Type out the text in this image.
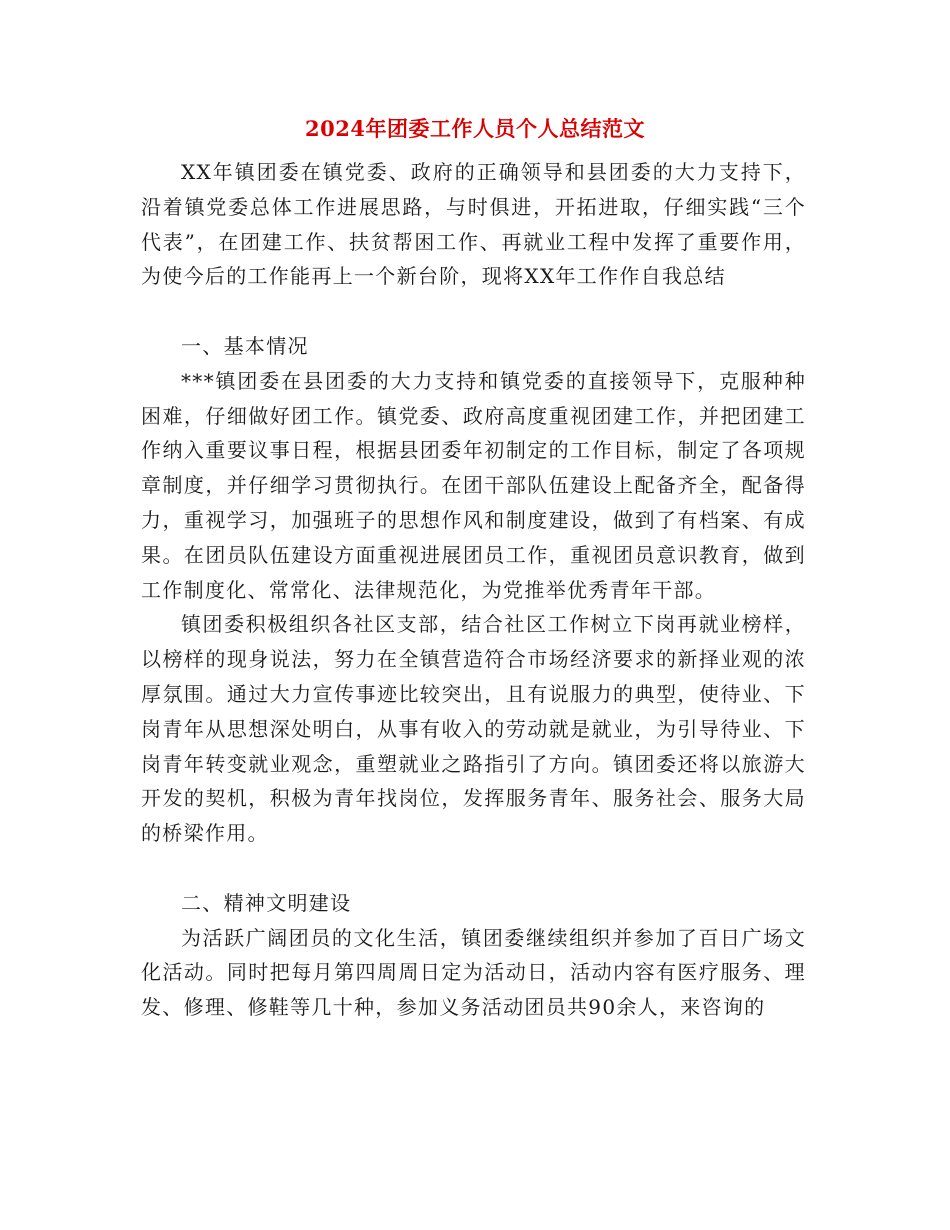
2024年团委工作人员个人总结范文

XX年镇团委在镇党委、政府的正确领导和县团委的大力支持下，沿着镇党委总体工作进展思路，与时俱进，开拓进取，仔细实践“三个代表”，在团建工作、扶贫帮困工作、再就业工程中发挥了重要作用，为使今后的工作能再上一个新台阶，现将XX年工作作自我总结

一、基本情况

***镇团委在县团委的大力支持和镇党委的直接领导下，克服种种困难，仔细做好团工作。镇党委、政府高度重视团建工作，并把团建工作纳入重要议事日程，根据县团委年初制定的工作目标，制定了各项规章制度，并仔细学习贯彻执行。在团干部队伍建设上配备齐全，配备得力，重视学习，加强班子的思想作风和制度建设，做到了有档案、有成果。在团员队伍建设方面重视进展团员工作，重视团员意识教育，做到工作制度化、常常化、法律规范化，为党推举优秀青年干部。

镇团委积极组织各社区支部，结合社区工作树立下岗再就业榜样，以榜样的现身说法，努力在全镇营造符合市场经济要求的新择业观的浓厚氛围。通过大力宣传事迹比较突出，且有说服力的典型，使待业、下岗青年从思想深处明白，从事有收入的劳动就是就业，为引导待业、下岗青年转变就业观念，重塑就业之路指引了方向。镇团委还将以旅游大开发的契机，积极为青年找岗位，发挥服务青年、服务社会、服务大局的桥梁作用。

二、精神文明建设

为活跃广阔团员的文化生活，镇团委继续组织并参加了百日广场文化活动。同时把每月第四周周日定为活动日，活动内容有医疗服务、理发、修理、修鞋等几十种，参加义务活动团员共90余人，来咨询的
